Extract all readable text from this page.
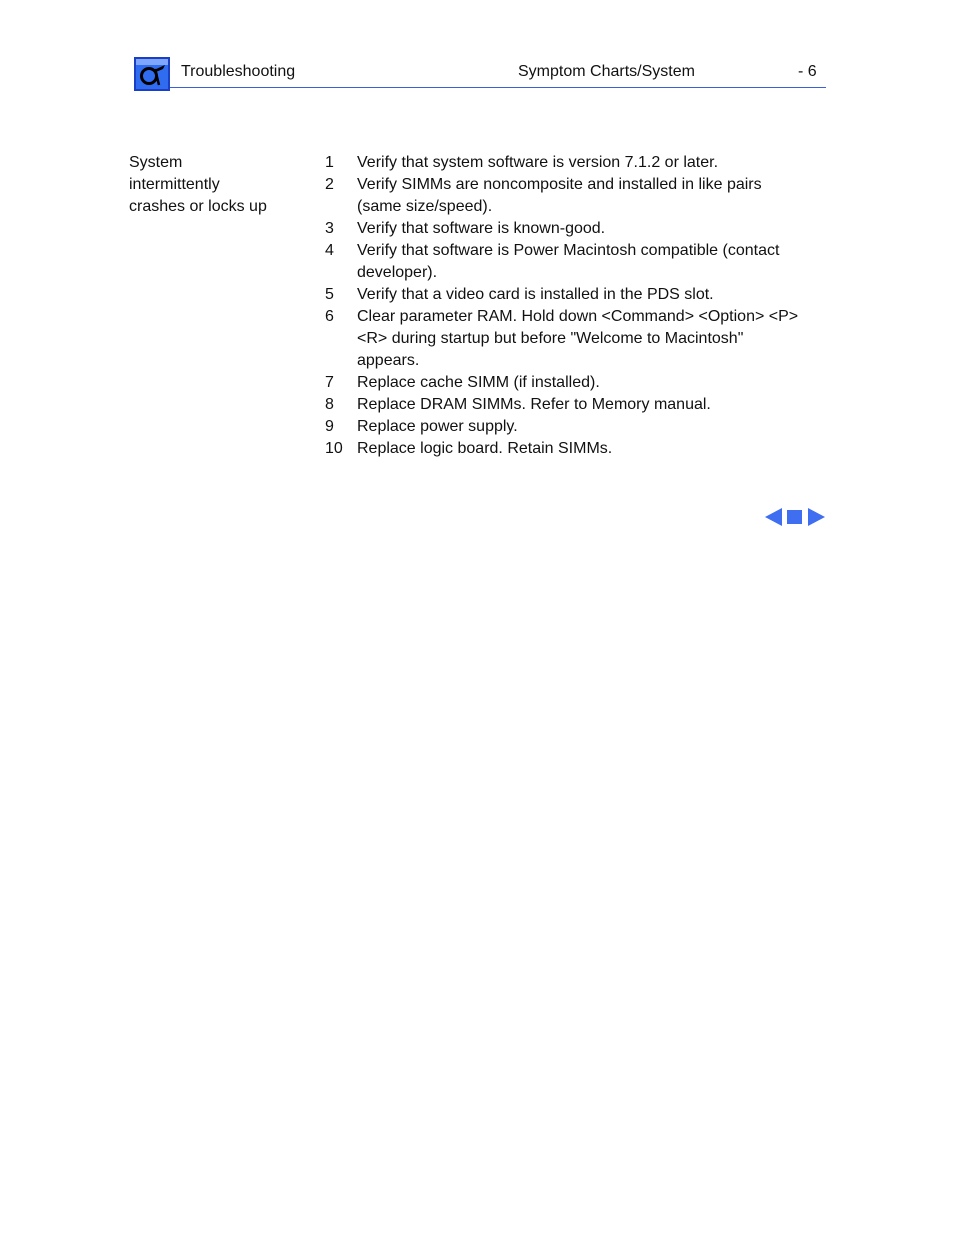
Troubleshooting	Symptom Charts/System	- 6
System
intermittently
crashes or locks up
1	Verify that system software is version 7.1.2 or later.
2	Verify SIMMs are noncomposite and installed in like pairs
(same size/speed).
3	Verify that software is known-good.
4	Verify that software is Power Macintosh compatible (contact
developer).
5	Verify that a video card is installed in the PDS slot.
6	Clear parameter RAM. Hold down <Command> <Option> <P>
<R> during startup but before "Welcome to Macintosh"
appears.
7	Replace cache SIMM (if installed).
8	Replace DRAM SIMMs. Refer to Memory manual.
9	Replace power supply.
10 Replace logic board. Retain SIMMs.
